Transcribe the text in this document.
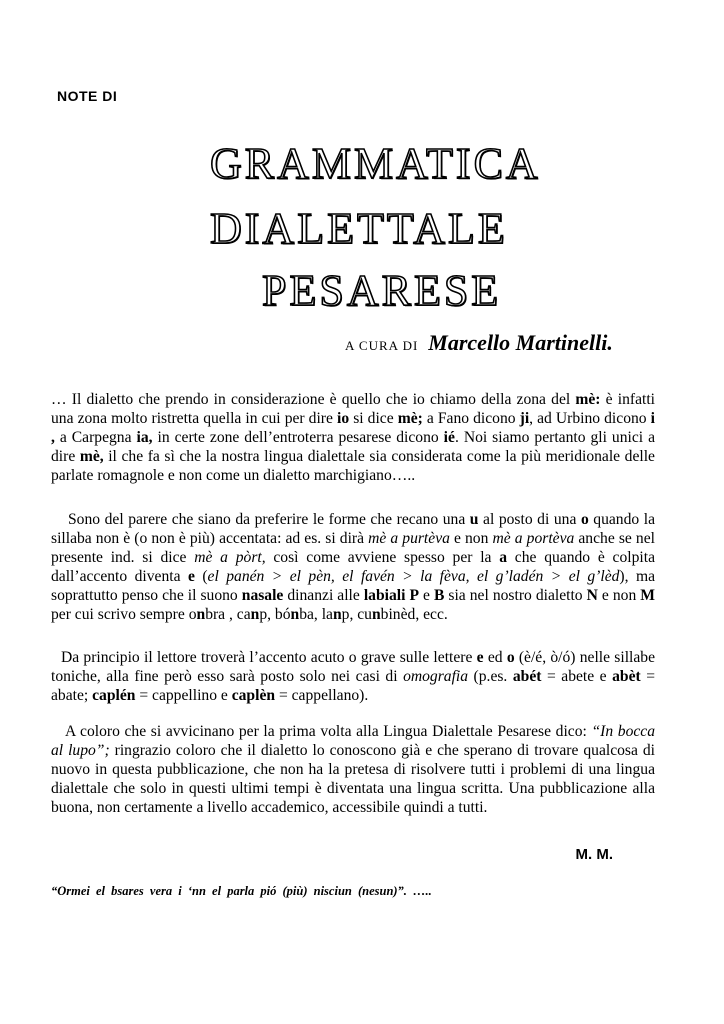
NOTE DI
GRAMMATICA
DIALETTALE
PESARESE
A CURA DI Marcello Martinelli.
… Il dialetto che prendo in considerazione è quello che io chiamo della zona del mè: è infatti una zona molto ristretta quella in cui per dire io si dice mè; a Fano dicono ji, ad Urbino dicono i , a Carpegna ia, in certe zone dell’entroterra pesarese dicono ié. Noi siamo pertanto gli unici a dire mè, il che fa sì che la nostra lingua dialettale sia considerata come la più meridionale delle parlate romagnole e non come un dialetto marchigiano…..
Sono del parere che siano da preferire le forme che recano una u al posto di una o quando la sillaba non è (o non è più) accentata: ad es. si dirà mè a purtèva e non mè a portèva anche se nel presente ind. si dice mè a pòrt, così come avviene spesso per la a che quando è colpita dall’accento diventa e (el panén > el pèn, el favén > la fèva, el g’ladén > el g’lèd), ma soprattutto penso che il suono nasale dinanzi alle labiali P e B sia nel nostro dialetto N e non M per cui scrivo sempre onbra , canp, bónba, lanp, cunbinèd, ecc.
Da principio il lettore troverà l’accento acuto o grave sulle lettere e ed o (è/é, ò/ó) nelle sillabe toniche, alla fine però esso sarà posto solo nei casi di omografia (p.es. abét = abete e abèt = abate; caplén = cappellino e caplèn = cappellano).
A coloro che si avvicinano per la prima volta alla Lingua Dialettale Pesarese dico: “In bocca al lupo”; ringrazio coloro che il dialetto lo conoscono già e che sperano di trovare qualcosa di nuovo in questa pubblicazione, che non ha la pretesa di risolvere tutti i problemi di una lingua dialettale che solo in questi ultimi tempi è diventata una lingua scritta. Una pubblicazione alla buona, non certamente a livello accademico, accessibile quindi a tutti.
M. M.
“Ormei el bsares vera i ‘nn el parla pió (più) nisciun (nesun)”. …..
